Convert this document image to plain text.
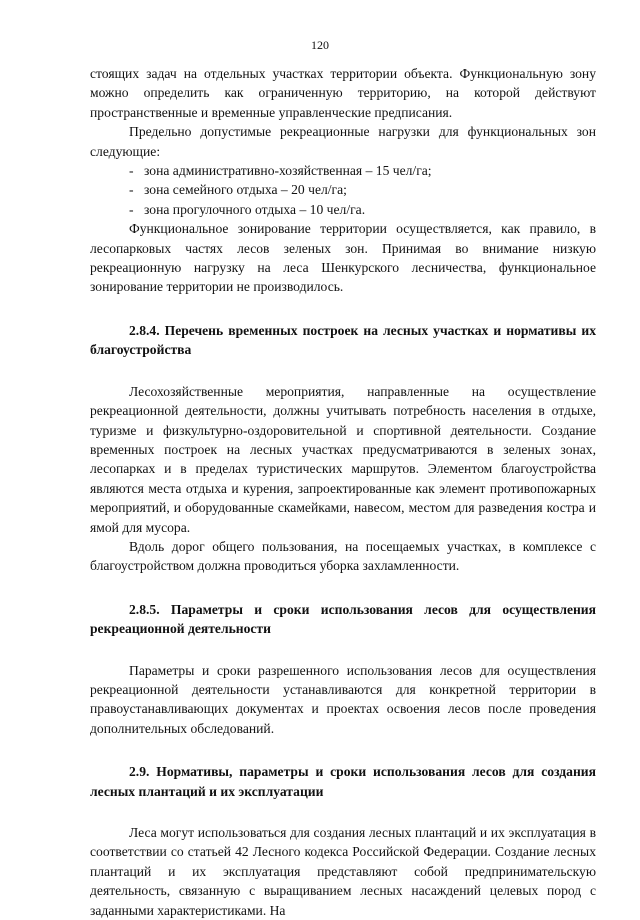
120

стоящих задач на отдельных участках территории объекта. Функциональную зону можно определить как ограниченную территорию, на которой действуют пространственные и временные управленческие предписания.

Предельно допустимые рекреационные нагрузки для функциональных зон следующие:

- зона административно-хозяйственная – 15 чел/га;

- зона семейного отдыха – 20 чел/га;

- зона прогулочного отдыха – 10 чел/га.

Функциональное зонирование территории осуществляется, как правило, в лесопарковых частях лесов зеленых зон. Принимая во внимание низкую рекреационную нагрузку на леса Шенкурского лесничества, функциональное зонирование территории не производилось.

2.8.4. Перечень временных построек на лесных участках и нормативы их благоустройства

Лесохозяйственные мероприятия, направленные на осуществление рекреационной деятельности, должны учитывать потребность населения в отдыхе, туризме и физкультурно-оздоровительной и спортивной деятельности. Создание временных построек на лесных участках предусматриваются в зеленых зонах, лесопарках и в пределах туристических маршрутов. Элементом благоустройства являются места отдыха и курения, запроектированные как элемент противопожарных мероприятий, и оборудованные скамейками, навесом, местом для разведения костра и ямой для мусора.

Вдоль дорог общего пользования, на посещаемых участках, в комплексе с благоустройством должна проводиться уборка захламленности.

2.8.5. Параметры и сроки использования лесов для осуществления рекреационной деятельности

Параметры и сроки разрешенного использования лесов для осуществления рекреационной деятельности устанавливаются для конкретной территории в правоустанавливающих документах и проектах освоения лесов после проведения дополнительных обследований.

2.9. Нормативы, параметры и сроки использования лесов для создания лесных плантаций и их эксплуатации

Леса могут использоваться для создания лесных плантаций и их эксплуатация в соответствии со статьей 42 Лесного кодекса Российской Федерации. Создание лесных плантаций и их эксплуатация представляют собой предпринимательскую деятельность, связанную с выращиванием лесных насаждений целевых пород с заданными характеристиками. На
